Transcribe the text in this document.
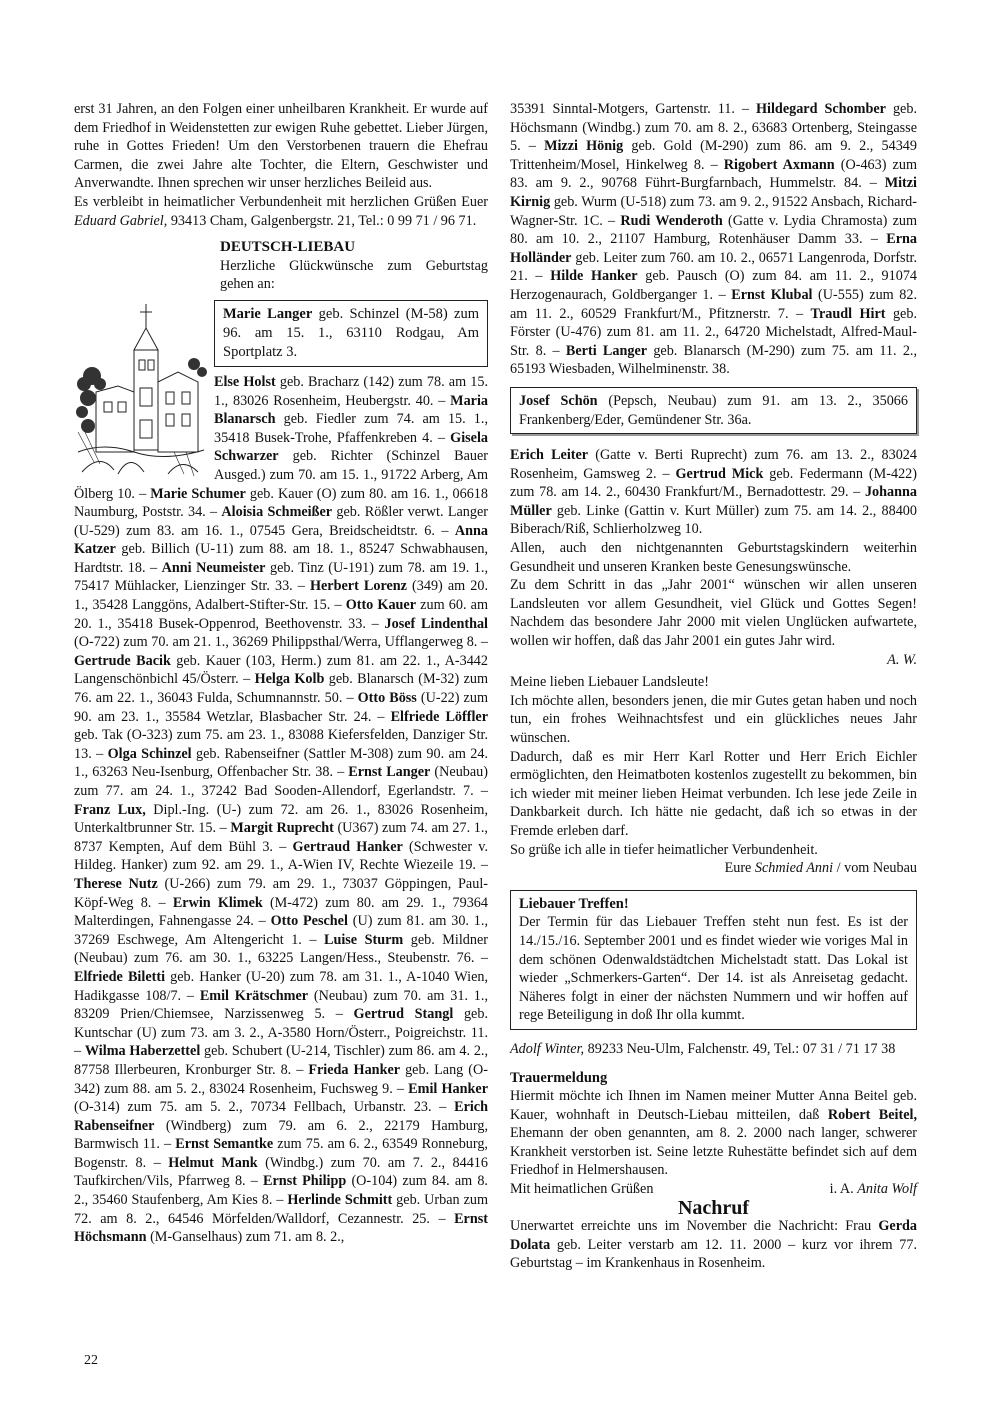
erst 31 Jahren, an den Folgen einer unheilbaren Krankheit. Er wurde auf dem Friedhof in Weidenstetten zur ewigen Ruhe gebettet. Lieber Jürgen, ruhe in Gottes Frieden! Um den Verstorbenen trauern die Ehefrau Carmen, die zwei Jahre alte Tochter, die Eltern, Geschwister und Anverwandte. Ihnen sprechen wir unser herzliches Beileid aus.

Es verbleibt in heimatlicher Verbundenheit mit herzlichen Grüßen Euer Eduard Gabriel, 93413 Cham, Galgenbergstr. 21, Tel.: 0 99 71 / 96 71.

DEUTSCH-LIEBAU

Herzliche Glückwünsche zum Geburtstag gehen an:

Marie Langer geb. Schinzel (M-58) zum 96. am 15. 1., 63110 Rodgau, Am Sportplatz 3.

Else Holst geb. Bracharz (142) zum 78. am 15. 1., 83026 Rosenheim, Heubergstr. 40. – Maria Blanarsch geb. Fiedler zum 74. am 15. 1., 35418 Busek-Trohe, Pfaffenkreben 4. – Gisela Schwarzer geb. Richter (Schinzel Bauer Ausged.) zum 70. am 15. 1., 91722 Arberg, Am Ölberg 10. – Marie Schumer geb. Kauer (O) zum 80. am 16. 1., 06618 Naumburg, Poststr. 34. – Aloisia Schmeißer geb. Rößler verwt. Langer (U-529) zum 83. am 16. 1., 07545 Gera, Breidscheidtstr. 6. – Anna Katzer geb. Billich (U-11) zum 88. am 18. 1., 85247 Schwabhausen, Hardtstr. 18. – Anni Neumeister geb. Tinz (U-191) zum 78. am 19. 1., 75417 Mühlacker, Lienzinger Str. 33. – Herbert Lorenz (349) am 20. 1., 35428 Langgöns, Adalbert-Stifter-Str. 15. – Otto Kauer zum 60. am 20. 1., 35418 Busek-Oppenrod, Beethovenstr. 33. – Josef Lindenthal (O-722) zum 70. am 21. 1., 36269 Philippsthal/Werra, Ufflangerweg 8. – Gertrude Bacik geb. Kauer (103, Herm.) zum 81. am 22. 1., A-3442 Langenschönbichl 45/Österr. – Helga Kolb geb. Blanarsch (M-32) zum 76. am 22. 1., 36043 Fulda, Schumnannstr. 50. – Otto Böss (U-22) zum 90. am 23. 1., 35584 Wetzlar, Blasbacher Str. 24. – Elfriede Löffler geb. Tak (O-323) zum 75. am 23. 1., 83088 Kiefersfelden, Danziger Str. 13. – Olga Schinzel geb. Rabenseifner (Sattler M-308) zum 90. am 24. 1., 63263 Neu-Isenburg, Offenbacher Str. 38. – Ernst Langer (Neubau) zum 77. am 24. 1., 37242 Bad Sooden-Allendorf, Egerlandstr. 7. – Franz Lux, Dipl.-Ing. (U-) zum 72. am 26. 1., 83026 Rosenheim, Unterkaltbrunner Str. 15. – Margit Ruprecht (U367) zum 74. am 27. 1., 8737 Kempten, Auf dem Bühl 3. – Gertraud Hanker (Schwester v. Hildeg. Hanker) zum 92. am 29. 1., A-Wien IV, Rechte Wiezeile 19. – Therese Nutz (U-266) zum 79. am 29. 1., 73037 Göppingen, Paul-Köpf-Weg 8. – Erwin Klimek (M-472) zum 80. am 29. 1., 79364 Malterdingen, Fahnengasse 24. – Otto Peschel (U) zum 81. am 30. 1., 37269 Eschwege, Am Altengericht 1. – Luise Sturm geb. Mildner (Neubau) zum 76. am 30. 1., 63225 Langen/Hess., Steubenstr. 76. – Elfriede Biletti geb. Hanker (U-20) zum 78. am 31. 1., A-1040 Wien, Hadikgasse 108/7. – Emil Krätschmer (Neubau) zum 70. am 31. 1., 83209 Prien/Chiemsee, Narzissenweg 5. – Gertrud Stangl geb. Kuntschar (U) zum 73. am 3. 2., A-3580 Horn/Österr., Poigreichstr. 11. – Wilma Haberzettel geb. Schubert (U-214, Tischler) zum 86. am 4. 2., 87758 Illerbeuren, Kronburger Str. 8. – Frieda Hanker geb. Lang (O-342) zum 88. am 5. 2., 83024 Rosenheim, Fuchsweg 9. – Emil Hanker (O-314) zum 75. am 5. 2., 70734 Fellbach, Urbanstr. 23. – Erich Rabenseifner (Windberg) zum 79. am 6. 2., 22179 Hamburg, Barmwisch 11. – Ernst Semantke zum 75. am 6. 2., 63549 Ronneburg, Bogenstr. 8. – Helmut Mank (Windbg.) zum 70. am 7. 2., 84416 Taufkirchen/Vils, Pfarrweg 8. – Ernst Philipp (O-104) zum 84. am 8. 2., 35460 Staufenberg, Am Kies 8. – Herlinde Schmitt geb. Urban zum 72. am 8. 2., 64546 Mörfelden/Walldorf, Cezannestr. 25. – Ernst Höchsmann (M-Ganselhaus) zum 71. am 8. 2.,

35391 Sinntal-Motgers, Gartenstr. 11. – Hildegard Schomber geb. Höchsmann (Windbg.) zum 70. am 8. 2., 63683 Ortenberg, Steingasse 5. – Mizzi Hönig geb. Gold (M-290) zum 86. am 9. 2., 54349 Trittenheim/Mosel, Hinkelweg 8. – Rigobert Axmann (O-463) zum 83. am 9. 2., 90768 Führt-Burgfarnbach, Hummelstr. 84. – Mitzi Kirnig geb. Wurm (U-518) zum 73. am 9. 2., 91522 Ansbach, Richard-Wagner-Str. 1C. – Rudi Wenderoth (Gatte v. Lydia Chramosta) zum 80. am 10. 2., 21107 Hamburg, Rotenhäuser Damm 33. – Erna Holländer geb. Leiter zum 760. am 10. 2., 06571 Langenroda, Dorfstr. 21. – Hilde Hanker geb. Pausch (O) zum 84. am 11. 2., 91074 Herzogenaurach, Goldberganger 1. – Ernst Klubal (U-555) zum 82. am 11. 2., 60529 Frankfurt/M., Pfitznerstr. 7. – Traudl Hirt geb. Förster (U-476) zum 81. am 11. 2., 64720 Michelstadt, Alfred-Maul-Str. 8. – Berti Langer geb. Blanarsch (M-290) zum 75. am 11. 2., 65193 Wiesbaden, Wilhelminenstr. 38.

Josef Schön (Pepsch, Neubau) zum 91. am 13. 2., 35066 Frankenberg/Eder, Gemündener Str. 36a.

Erich Leiter (Gatte v. Berti Ruprecht) zum 76. am 13. 2., 83024 Rosenheim, Gamsweg 2. – Gertrud Mick geb. Federmann (M-422) zum 78. am 14. 2., 60430 Frankfurt/M., Bernadottestr. 29. – Johanna Müller geb. Linke (Gattin v. Kurt Müller) zum 75. am 14. 2., 88400 Biberach/Riß, Schlierholzweg 10.

Allen, auch den nichtgenannten Geburtstagskindern weiterhin Gesundheit und unseren Kranken beste Genesungswünsche.

Zu dem Schritt in das „Jahr 2001“ wünschen wir allen unseren Landsleuten vor allem Gesundheit, viel Glück und Gottes Segen! Nachdem das besondere Jahr 2000 mit vielen Unglücken aufwartete, wollen wir hoffen, daß das Jahr 2001 ein gutes Jahr wird.

A. W.

Meine lieben Liebauer Landsleute!

Ich möchte allen, besonders jenen, die mir Gutes getan haben und noch tun, ein frohes Weihnachtsfest und ein glückliches neues Jahr wünschen.

Dadurch, daß es mir Herr Karl Rotter und Herr Erich Eichler ermöglichten, den Heimatboten kostenlos zugestellt zu bekommen, bin ich wieder mit meiner lieben Heimat verbunden. Ich lese jede Zeile in Dankbarkeit durch. Ich hätte nie gedacht, daß ich so etwas in der Fremde erleben darf.

So grüße ich alle in tiefer heimatlicher Verbundenheit.

Eure Schmied Anni / vom Neubau

Liebauer Treffen!

Der Termin für das Liebauer Treffen steht nun fest. Es ist der 14./15./16. September 2001 und es findet wieder wie voriges Mal in dem schönen Odenwaldstädtchen Michelstadt statt. Das Lokal ist wieder „Schmerkers-Garten“. Der 14. ist als Anreisetag gedacht. Näheres folgt in einer der nächsten Nummern und wir hoffen auf rege Beteiligung in doß Ihr olla kummt.

Adolf Winter, 89233 Neu-Ulm, Falchenstr. 49, Tel.: 07 31 / 71 17 38

Trauermeldung

Hiermit möchte ich Ihnen im Namen meiner Mutter Anna Beitel geb. Kauer, wohnhaft in Deutsch-Liebau mitteilen, daß Robert Beitel, Ehemann der oben genannten, am 8. 2. 2000 nach langer, schwerer Krankheit verstorben ist. Seine letzte Ruhestätte befindet sich auf dem Friedhof in Helmershausen.

Mit heimatlichen Grüßen	i. A. Anita Wolf

Nachruf

Unerwartet erreichte uns im November die Nachricht: Frau Gerda Dolata geb. Leiter verstarb am 12. 11. 2000 – kurz vor ihrem 77. Geburtstag – im Krankenhaus in Rosenheim.

22
